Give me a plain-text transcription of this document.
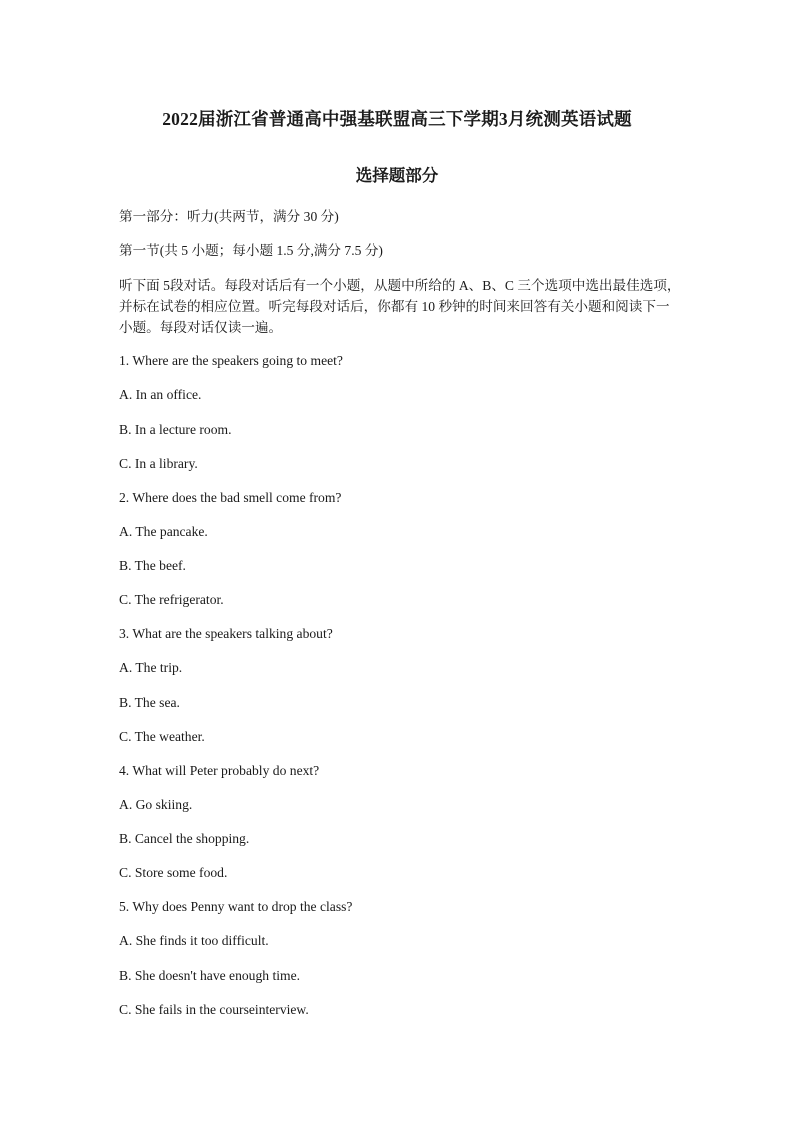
2022届浙江省普通高中强基联盟高三下学期3月统测英语试题
选择题部分
第一部分：听力(共两节，满分 30 分)
第一节(共 5 小题；每小题 1.5 分,满分 7.5 分)
听下面 5段对话。每段对话后有一个小题，从题中所给的 A、B、C 三个选项中选出最佳选项，并标在试卷的相应位置。听完每段对话后，你都有 10 秒钟的时间来回答有关小题和阅读下一小题。每段对话仅读一遍。
1. Where are the speakers going to meet?
A. In an office.
B. In a lecture room.
C. In a library.
2. Where does the bad smell come from?
A. The pancake.
B. The beef.
C. The refrigerator.
3. What are the speakers talking about?
A. The trip.
B. The sea.
C. The weather.
4. What will Peter probably do next?
A. Go skiing.
B. Cancel the shopping.
C. Store some food.
5. Why does Penny want to drop the class?
A. She finds it too difficult.
B. She doesn't have enough time.
C. She fails in the courseinterview.
